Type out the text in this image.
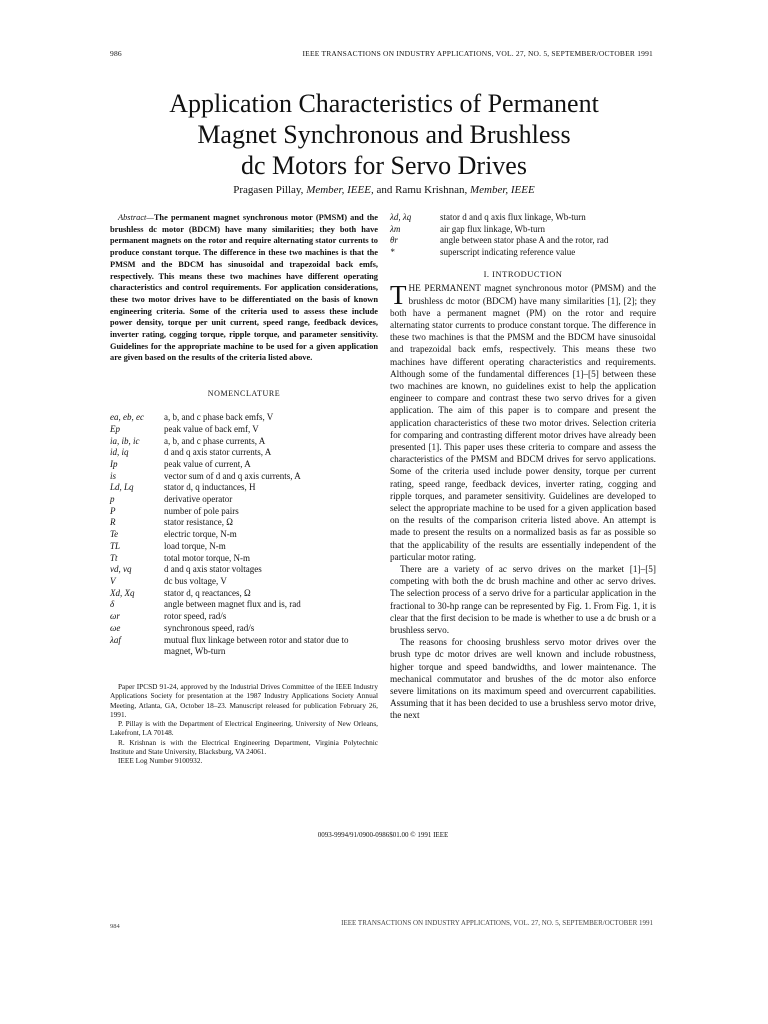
986	IEEE TRANSACTIONS ON INDUSTRY APPLICATIONS, VOL. 27, NO. 5, SEPTEMBER/OCTOBER 1991
Application Characteristics of Permanent
Magnet Synchronous and Brushless
dc Motors for Servo Drives
Pragasen Pillay, Member, IEEE, and Ramu Krishnan, Member, IEEE

Abstract—The permanent magnet synchronous motor (PMSM) and the brushless dc motor (BDCM) have many similarities; they both have permanent magnets on the rotor and require alternating stator currents to produce constant torque. The difference in these two machines is that the PMSM and the BDCM has sinusoidal and trapezoidal back emfs, respectively. This means these two machines have different operating characteristics and control requirements. For application considerations, these two motor drives have to be differentiated on the basis of known engineering criteria. Some of the criteria used to assess these include power density, torque per unit current, speed range, feedback devices, inverter rating, cogging torque, ripple torque, and parameter sensitivity. Guidelines for the appropriate machine to be used for a given application are given based on the results of the criteria listed above.

NOMENCLATURE
ea, eb, ec	a, b, and c phase back emfs, V
Ep	peak value of back emf, V
ia, ib, ic	a, b, and c phase currents, A
id, iq	d and q axis stator currents, A
Ip	peak value of current, A
is	vector sum of d and q axis currents, A
Ld, Lq	stator d, q inductances, H
p	derivative operator
P	number of pole pairs
R	stator resistance, Ω
Te	electric torque, N-m
TL	load torque, N-m
Tt	total motor torque, N-m
vd, vq	d and q axis stator voltages
V	dc bus voltage, V
Xd, Xq	stator d, q reactances, Ω
δ	angle between magnet flux and is, rad
ωr	rotor speed, rad/s
ωe	synchronous speed, rad/s
λaf	mutual flux linkage between rotor and stator due to magnet, Wb-turn

Paper IPCSD 91-24, approved by the Industrial Drives Committee of the IEEE Industry Applications Society for presentation at the 1987 Industry Applications Society Annual Meeting, Atlanta, GA, October 18–23. Manuscript released for publication February 26, 1991.

P. Pillay is with the Department of Electrical Engineering, University of New Orleans, Lakefront, LA 70148.

R. Krishnan is with the Electrical Engineering Department, Virginia Polytechnic Institute and State University, Blacksburg, VA 24061.

IEEE Log Number 9100932.

λd, λq	stator d and q axis flux linkage, Wb-turn
λm	air gap flux linkage, Wb-turn
θr	angle between stator phase A and the rotor, rad
*	superscript indicating reference value
I. INTRODUCTION

THE PERMANENT magnet synchronous motor (PMSM) and the brushless dc motor (BDCM) have many similarities [1], [2]; they both have a permanent magnet (PM) on the rotor and require alternating stator currents to produce constant torque. The difference in these two machines is that the PMSM and the BDCM have sinusoidal and trapezoidal back emfs, respectively. This means these two machines have different operating characteristics and requirements. Although some of the fundamental differences [1]–[5] between these two machines are known, no guidelines exist to help the application engineer to compare and contrast these two servo drives for a given application. The aim of this paper is to compare and present the application characteristics of these two motor drives. Selection criteria for comparing and contrasting different motor drives have already been presented [1]. This paper uses these criteria to compare and assess the characteristics of the PMSM and BDCM drives for servo applications. Some of the criteria used include power density, torque per current rating, speed range, feedback devices, inverter rating, cogging and ripple torques, and parameter sensitivity. Guidelines are developed to select the appropriate machine to be used for a given application based on the results of the comparison criteria listed above. An attempt is made to present the results on a normalized basis as far as possible so that the applicability of the results are essentially independent of the particular motor rating.

There are a variety of ac servo drives on the market [1]–[5] competing with both the dc brush machine and other ac servo drives. The selection process of a servo drive for a particular application in the fractional to 30-hp range can be represented by Fig. 1. From Fig. 1, it is clear that the first decision to be made is whether to use a dc brush or a brushless servo.

The reasons for choosing brushless servo motor drives over the brush type dc motor drives are well known and include robustness, higher torque and speed bandwidths, and lower maintenance. The mechanical commutator and brushes of the dc motor also enforce severe limitations on its maximum speed and overcurrent capabilities. Assuming that it has been decided to use a brushless servo motor drive, the next

0093-9994/91/0900-0986$01.00 © 1991 IEEE
984	IEEE TRANSACTIONS ON INDUSTRY APPLICATIONS, VOL. 27, NO. 5, SEPTEMBER/OCTOBER 1991
